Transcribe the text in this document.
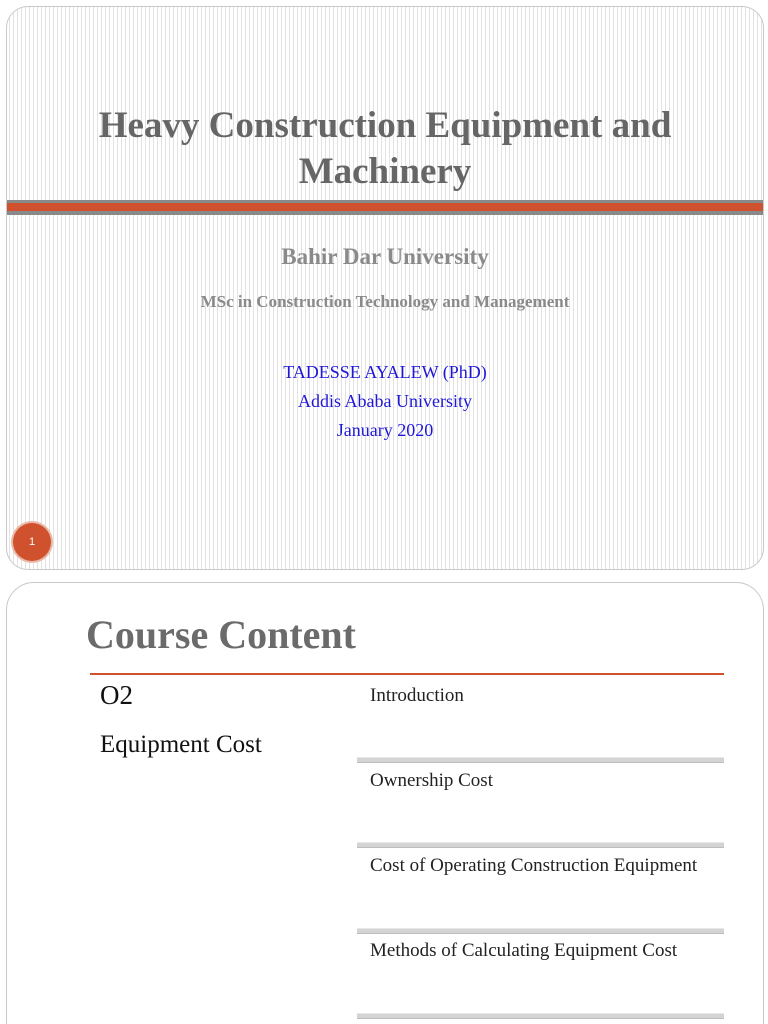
Heavy Construction Equipment and
Machinery
Bahir Dar University
MSc in Construction Technology and Management
TADESSE AYALEW (PhD)
Addis Ababa University
January 2020
1
Course Content
O2
Equipment Cost
Introduction
Ownership Cost
Cost of Operating Construction Equipment
Methods of Calculating Equipment Cost
